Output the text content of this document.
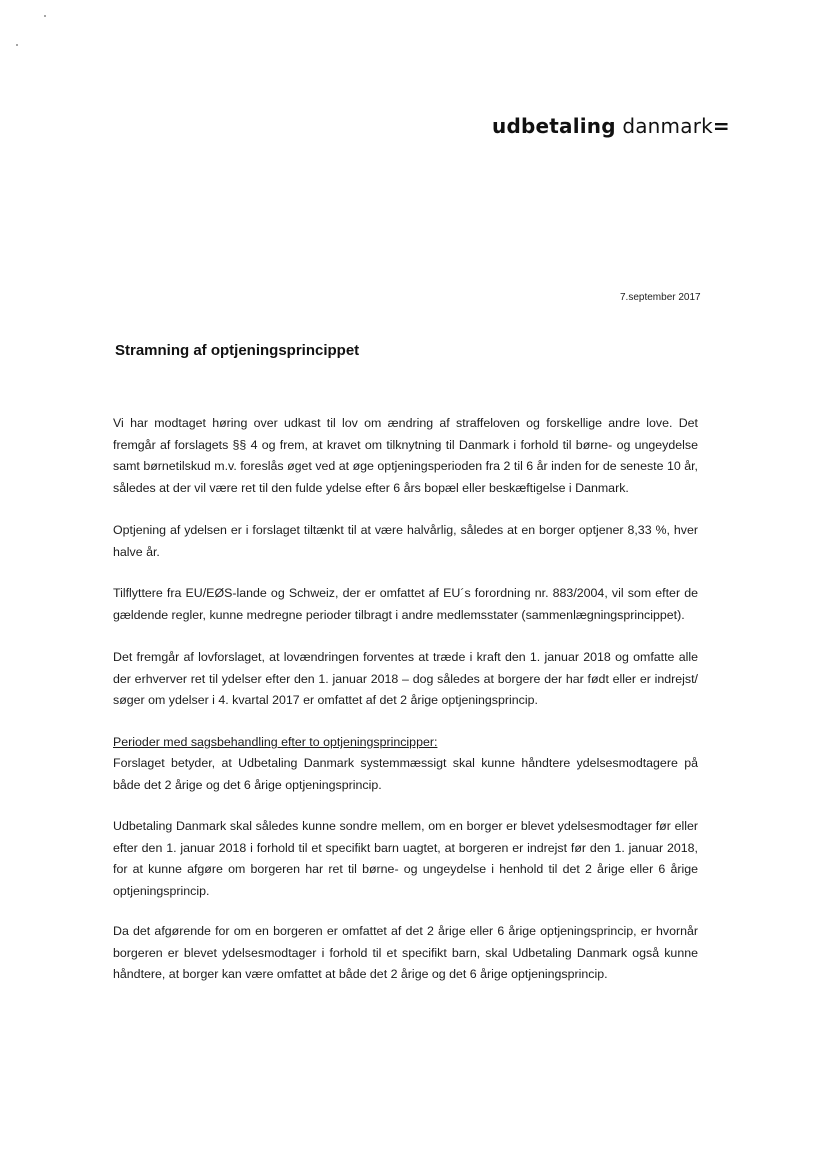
udbetaling danmark=
7.september 2017
Stramning af optjeningsprincippet

Vi har modtaget høring over udkast til lov om ændring af straffeloven og forskellige andre love. Det fremgår af forslagets §§ 4 og frem, at kravet om tilknytning til Danmark i forhold til børne- og ungeydelse samt børnetilskud m.v. foreslås øget ved at øge optjeningsperioden fra 2 til 6 år inden for de seneste 10 år, således at der vil være ret til den fulde ydelse efter 6 års bopæl eller beskæftigelse i Danmark.

Optjening af ydelsen er i forslaget tiltænkt til at være halvårlig, således at en borger optjener 8,33 %, hver halve år.

Tilflyttere fra EU/EØS-lande og Schweiz, der er omfattet af EU´s forordning nr. 883/2004, vil som efter de gældende regler, kunne medregne perioder tilbragt i andre medlemsstater (sammenlægningsprincippet).

Det fremgår af lovforslaget, at lovændringen forventes at træde i kraft den 1. januar 2018 og omfatte alle der erhverver ret til ydelser efter den 1. januar 2018 – dog således at borgere der har født eller er indrejst/ søger om ydelser i 4. kvartal 2017 er omfattet af det 2 årige optjeningsprincip.

Perioder med sagsbehandling efter to optjeningsprincipper:

Forslaget betyder, at Udbetaling Danmark systemmæssigt skal kunne håndtere ydelsesmodtagere på både det 2 årige og det 6 årige optjeningsprincip.

Udbetaling Danmark skal således kunne sondre mellem, om en borger er blevet ydelsesmodtager før eller efter den 1. januar 2018 i forhold til et specifikt barn uagtet, at borgeren er indrejst før den 1. januar 2018, for at kunne afgøre om borgeren har ret til børne- og ungeydelse i henhold til det 2 årige eller 6 årige optjeningsprincip.

Da det afgørende for om en borgeren er omfattet af det 2 årige eller 6 årige optjeningsprincip, er hvornår borgeren er blevet ydelsesmodtager i forhold til et specifikt barn, skal Udbetaling Danmark også kunne håndtere, at borger kan være omfattet at både det 2 årige og det 6 årige optjeningsprincip.
